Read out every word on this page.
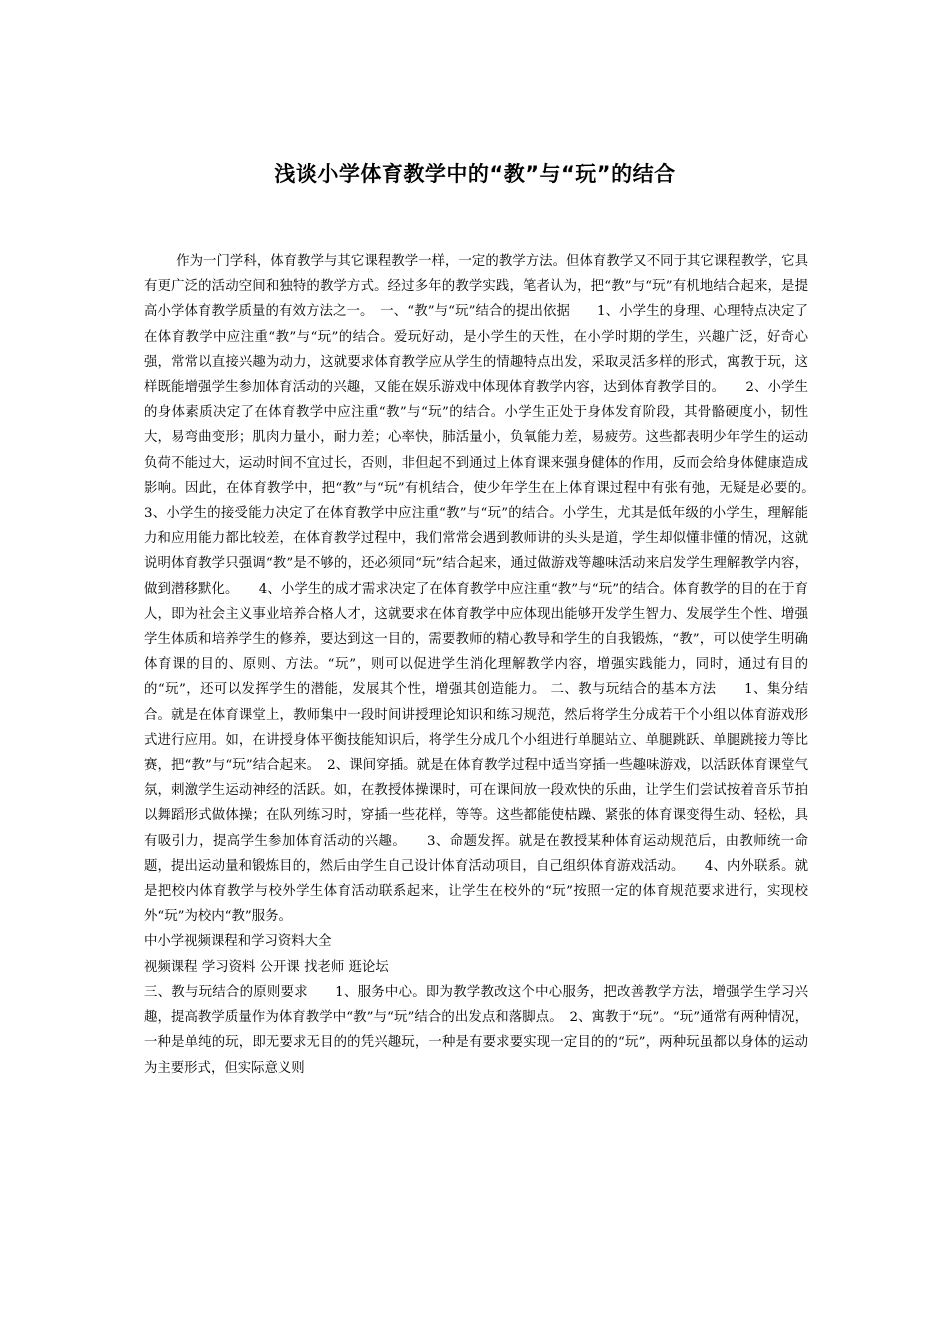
浅谈小学体育教学中的“教”与“玩”的结合

作为一门学科，体育教学与其它课程教学一样，一定的教学方法。但体育教学又不同于其它课程教学，它具有更广泛的活动空间和独特的教学方式。经过多年的教学实践，笔者认为，把“教”与“玩”有机地结合起来，是提高小学体育教学质量的有效方法之一。　一、“教”与“玩”结合的提出依据　　1、小学生的身理、心理特点决定了在体育教学中应注重“教”与“玩”的结合。爱玩好动，是小学生的天性，在小学时期的学生，兴趣广泛，好奇心强，常常以直接兴趣为动力，这就要求体育教学应从学生的情趣特点出发，采取灵活多样的形式，寓教于玩，这样既能增强学生参加体育活动的兴趣，又能在娱乐游戏中体现体育教学内容，达到体育教学目的。　　2、小学生的身体素质决定了在体育教学中应注重“教”与“玩”的结合。小学生正处于身体发育阶段，其骨骼硬度小，韧性大，易弯曲变形；肌肉力量小，耐力差；心率快，肺活量小，负氧能力差，易疲劳。这些都表明少年学生的运动负荷不能过大，运动时间不宜过长，否则，非但起不到通过上体育课来强身健体的作用，反而会给身体健康造成影响。因此，在体育教学中，把“教”与“玩”有机结合，使少年学生在上体育课过程中有张有弛，无疑是必要的。　　3、小学生的接受能力决定了在体育教学中应注重“教”与“玩”的结合。小学生，尤其是低年级的小学生，理解能力和应用能力都比较差，在体育教学过程中，我们常常会遇到教师讲的头头是道，学生却似懂非懂的情况，这就说明体育教学只强调“教”是不够的，还必须同“玩”结合起来，通过做游戏等趣味活动来启发学生理解教学内容，做到潜移默化。　　4、小学生的成才需求决定了在体育教学中应注重“教”与“玩”的结合。体育教学的目的在于育人，即为社会主义事业培养合格人才，这就要求在体育教学中应体现出能够开发学生智力、发展学生个性、增强学生体质和培养学生的修养，要达到这一目的，需要教师的精心教导和学生的自我锻炼，“教”，可以使学生明确体育课的目的、原则、方法。“玩”，则可以促进学生消化理解教学内容，增强实践能力，同时，通过有目的的“玩”，还可以发挥学生的潜能，发展其个性，增强其创造能力。 二、教与玩结合的基本方法　　1、集分结合。就是在体育课堂上，教师集中一段时间讲授理论知识和练习规范，然后将学生分成若干个小组以体育游戏形式进行应用。如，在讲授身体平衡技能知识后，将学生分成几个小组进行单腿站立、单腿跳跃、单腿跳接力等比赛，把“教”与“玩”结合起来。　2、课间穿插。就是在体育教学过程中适当穿插一些趣味游戏，以活跃体育课堂气氛，刺激学生运动神经的活跃。如，在教授体操课时，可在课间放一段欢快的乐曲，让学生们尝试按着音乐节拍以舞蹈形式做体操；在队列练习时，穿插一些花样，等等。这些都能使枯躁、紧张的体育课变得生动、轻松，具有吸引力，提高学生参加体育活动的兴趣。　　3、命题发挥。就是在教授某种体育运动规范后，由教师统一命题，提出运动量和锻炼目的，然后由学生自己设计体育活动项目，自己组织体育游戏活动。　　4、内外联系。就是把校内体育教学与校外学生体育活动联系起来，让学生在校外的“玩”按照一定的体育规范要求进行，实现校外“玩”为校内“教”服务。

中小学视频课程和学习资料大全

视频课程 学习资料 公开课 找老师 逛论坛

三、教与玩结合的原则要求　　1、服务中心。即为教学教改这个中心服务，把改善教学方法，增强学生学习兴趣，提高教学质量作为体育教学中“教”与“玩”结合的出发点和落脚点。　2、寓教于“玩”。“玩”通常有两种情况，一种是单纯的玩，即无要求无目的的凭兴趣玩，一种是有要求要实现一定目的的“玩”，两种玩虽都以身体的运动 为主要形式，但实际意义则
